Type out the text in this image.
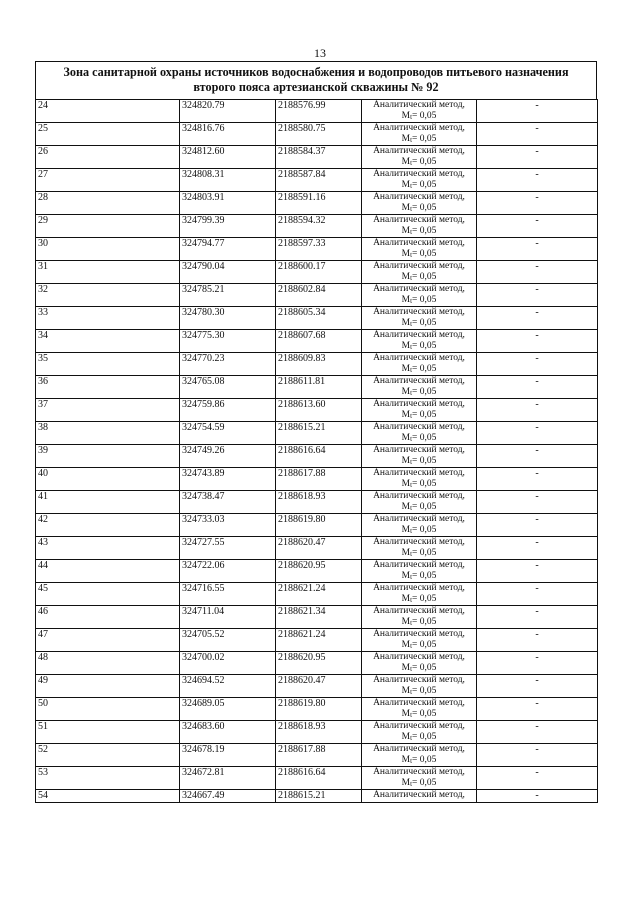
13
Зона санитарной охраны источников водоснабжения и водопроводов питьевого назначения
второго пояса артезианской скважины № 92
24	324820.79	2188576.99	Аналитический метод,
$M_t= 0,05$	-
25	324816.76	2188580.75	Аналитический метод,
$M_t= 0,05$	-
26	324812.60	2188584.37	Аналитический метод,
$M_t= 0,05$	-
27	324808.31	2188587.84	Аналитический метод,
$M_t= 0,05$	-
28	324803.91	2188591.16	Аналитический метод,
$M_t= 0,05$	-
29	324799.39	2188594.32	Аналитический метод,
$M_t= 0,05$	-
30	324794.77	2188597.33	Аналитический метод,
$M_t= 0,05$	-
31	324790.04	2188600.17	Аналитический метод,
$M_t= 0,05$	-
32	324785.21	2188602.84	Аналитический метод,
$M_t= 0,05$	-
33	324780.30	2188605.34	Аналитический метод,
$M_t= 0,05$	-
34	324775.30	2188607.68	Аналитический метод,
$M_t= 0,05$	-
35	324770.23	2188609.83	Аналитический метод,
$M_t= 0,05$	-
36	324765.08	2188611.81	Аналитический метод,
$M_t= 0,05$	-
37	324759.86	2188613.60	Аналитический метод,
$M_t= 0,05$	-
38	324754.59	2188615.21	Аналитический метод,
$M_t= 0,05$	-
39	324749.26	2188616.64	Аналитический метод,
$M_t= 0,05$	-
40	324743.89	2188617.88	Аналитический метод,
$M_t= 0,05$	-
41	324738.47	2188618.93	Аналитический метод,
$M_t= 0,05$	-
42	324733.03	2188619.80	Аналитический метод,
$M_t= 0,05$	-
43	324727.55	2188620.47	Аналитический метод,
$M_t= 0,05$	-
44	324722.06	2188620.95	Аналитический метод,
$M_t= 0,05$	-
45	324716.55	2188621.24	Аналитический метод,
$M_t= 0,05$	-
46	324711.04	2188621.34	Аналитический метод,
$M_t= 0,05$	-
47	324705.52	2188621.24	Аналитический метод,
$M_t= 0,05$	-
48	324700.02	2188620.95	Аналитический метод,
$M_t= 0,05$	-
49	324694.52	2188620.47	Аналитический метод,
$M_t= 0,05$	-
50	324689.05	2188619.80	Аналитический метод,
$M_t= 0,05$	-
51	324683.60	2188618.93	Аналитический метод,
$M_t= 0,05$	-
52	324678.19	2188617.88	Аналитический метод,
$M_t= 0,05$	-
53	324672.81	2188616.64	Аналитический метод,
$M_t= 0,05$	-
54	324667.49	2188615.21	Аналитический метод,	-
